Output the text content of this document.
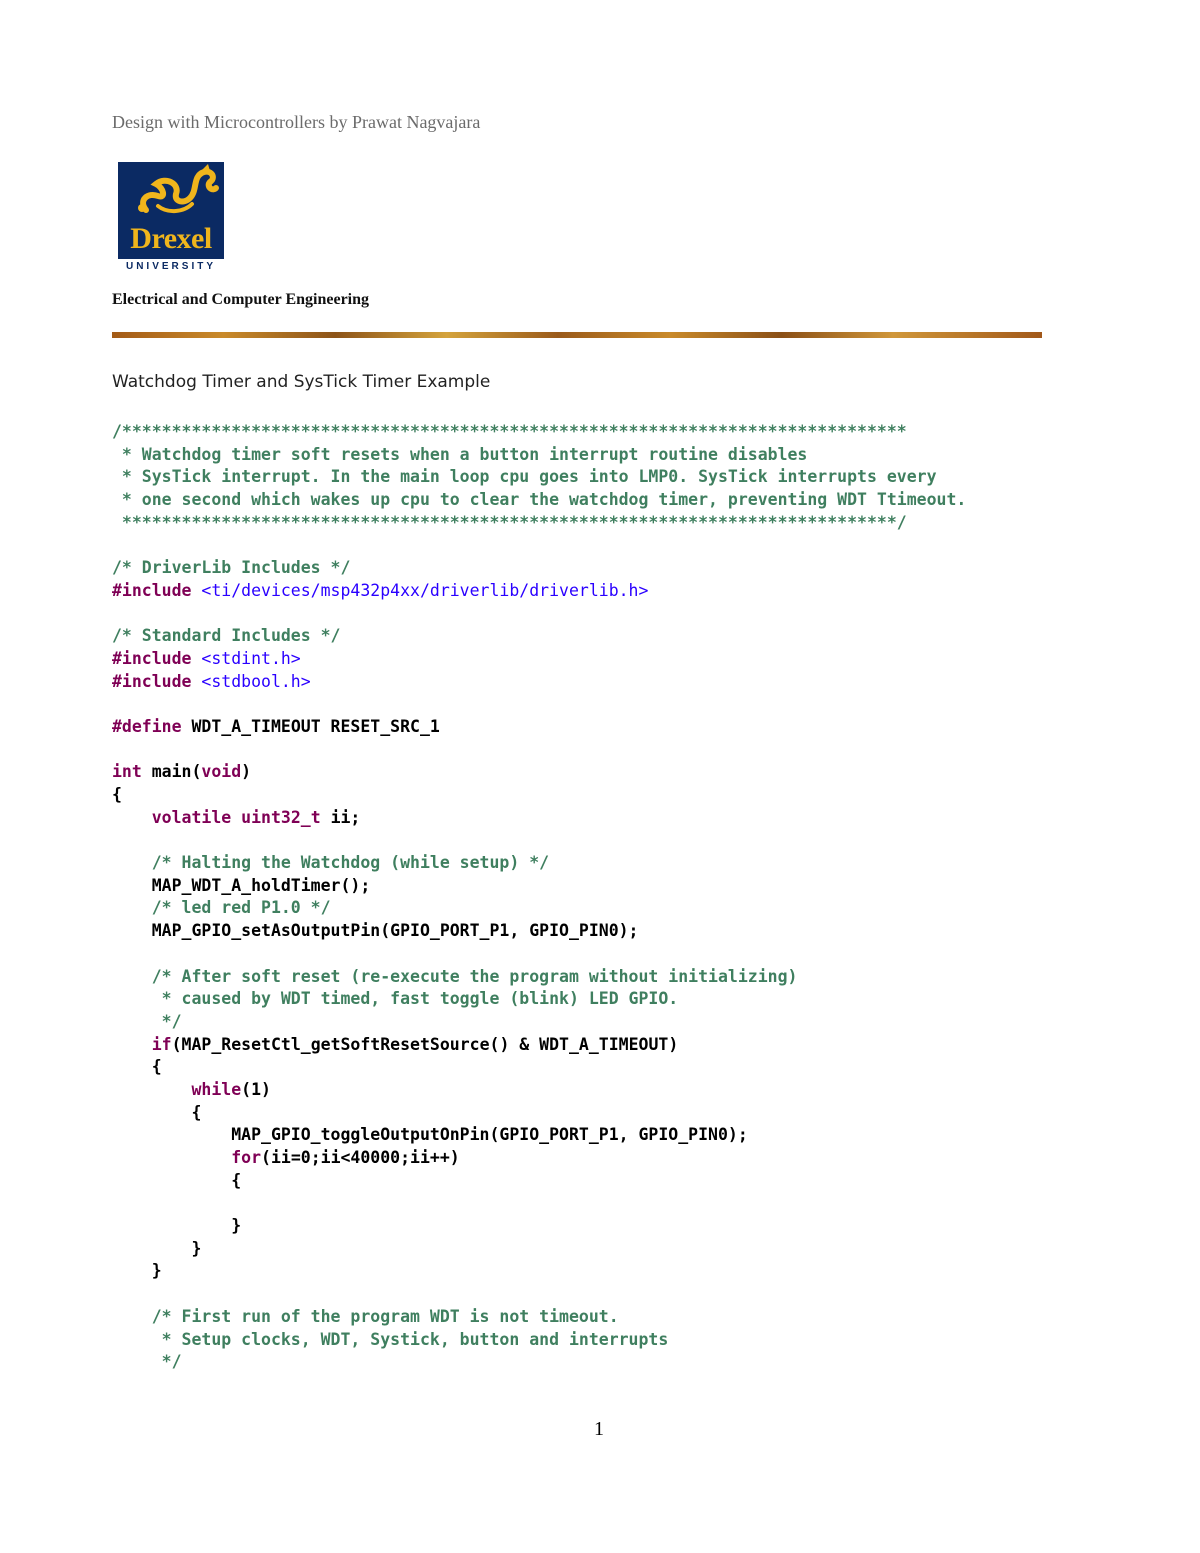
Design with Microcontrollers by Prawat Nagvajara
Drexel
UNIVERSITY
Electrical and Computer Engineering
Watchdog Timer and SysTick Timer Example
/*******************************************************************************
* Watchdog timer soft resets when a button interrupt routine disables
* SysTick interrupt. In the main loop cpu goes into LMP0. SysTick interrupts every
* one second which wakes up cpu to clear the watchdog timer, preventing WDT Ttimeout.
******************************************************************************/
/* DriverLib Includes */
#include <ti/devices/msp432p4xx/driverlib/driverlib.h>
/* Standard Includes */
#include <stdint.h>
#include <stdbool.h>
#define WDT_A_TIMEOUT RESET_SRC_1
int main(void)
{
volatile uint32_t ii;
/* Halting the Watchdog (while setup) */
MAP_WDT_A_holdTimer();
/* led red P1.0 */
MAP_GPIO_setAsOutputPin(GPIO_PORT_P1, GPIO_PIN0);
/* After soft reset (re-execute the program without initializing)
* caused by WDT timed, fast toggle (blink) LED GPIO.
*/
if(MAP_ResetCtl_getSoftResetSource() & WDT_A_TIMEOUT)
{
while(1)
{
MAP_GPIO_toggleOutputOnPin(GPIO_PORT_P1, GPIO_PIN0);
for(ii=0;ii<40000;ii++)
{
}
}
}
/* First run of the program WDT is not timeout.
* Setup clocks, WDT, Systick, button and interrupts
*/
1
